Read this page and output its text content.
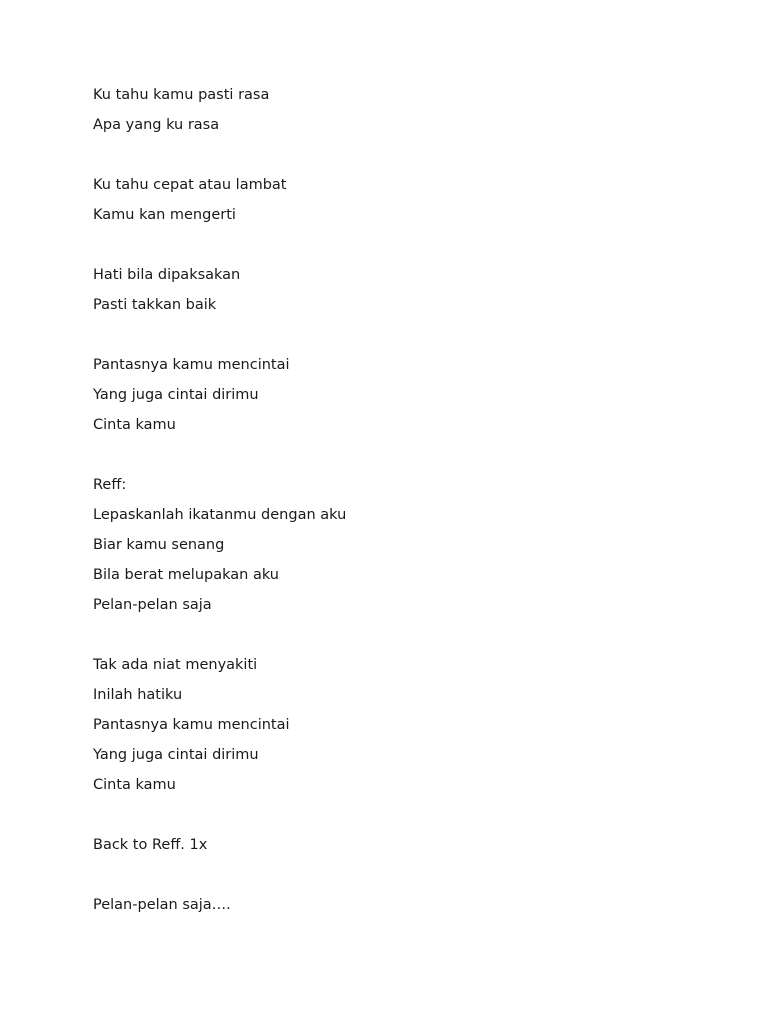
Ku tahu kamu pasti rasa
Apa yang ku rasa
Ku tahu cepat atau lambat
Kamu kan mengerti
Hati bila dipaksakan
Pasti takkan baik
Pantasnya kamu mencintai
Yang juga cintai dirimu
Cinta kamu
Reff:
Lepaskanlah ikatanmu dengan aku
Biar kamu senang
Bila berat melupakan aku
Pelan-pelan saja
Tak ada niat menyakiti
Inilah hatiku
Pantasnya kamu mencintai
Yang juga cintai dirimu
Cinta kamu
Back to Reff. 1x
Pelan-pelan saja….
